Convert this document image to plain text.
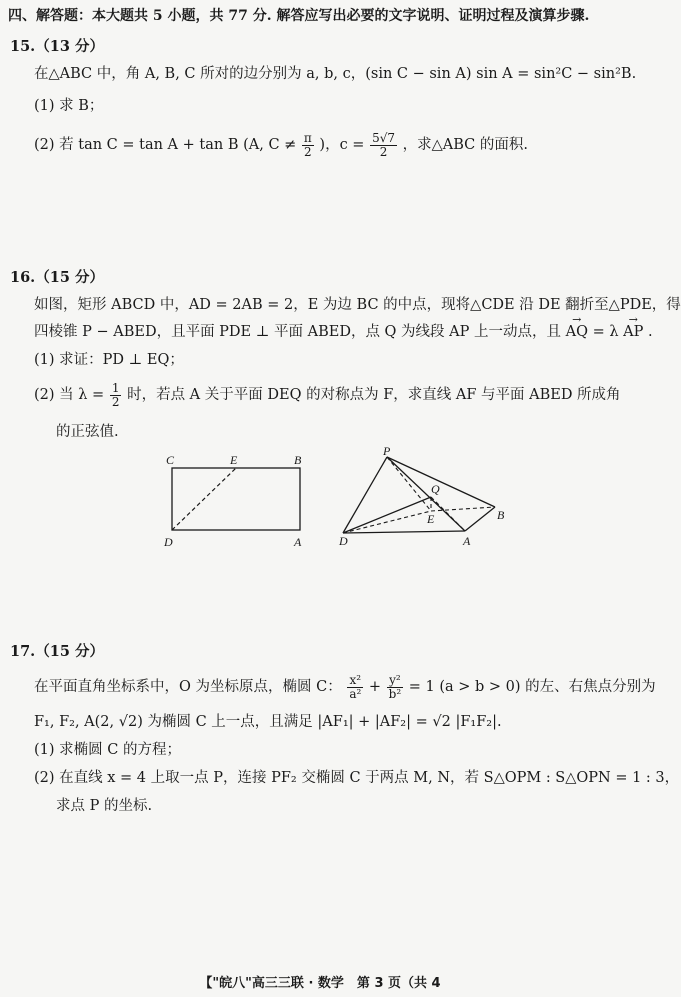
四、解答题：本大题共 5 小题，共 77 分. 解答应写出必要的文字说明、证明过程及演算步骤.
15.（13 分）
在△ABC 中，角 A, B, C 所对的边分别为 a, b, c，(sin C − sin A) sin A = sin²C − sin²B.
(1) 求 B；
(2) 若 tan C = tan A + tan B (A, $C \ne \frac{\pi}{2}$ )，$c = \frac{5√7}{2}$ ，求△ABC 的面积.
16.（15 分）
如图，矩形 ABCD 中，AD = 2AB = 2，E 为边 BC 的中点，现将△CDE 沿 DE 翻折至△PDE，得
四棱锥 P − ABED，且平面 PDE ⊥ 平面 ABED，点 Q 为线段 AP 上一动点，且 → AQ = λ → AP .
(1) 求证：PD ⊥ EQ；
(2) 当 $\lambda = \frac{1}{2}$ 时，若点 A 关于平面 DEQ 的对称点为 F，求直线 AF 与平面 ABED 所成角
的正弦值.
C	E	B
D	A
P
Q
E	B
D	A
17.（15 分）
在平面直角坐标系中，O 为坐标原点，椭圆 C： $\frac{\text{x²}}{\text{a²}} + \frac{\text{y²}}{\text{b²}} = 1$ (a > b > 0) 的左、右焦点分别为
F₁, F₂, A(2, √2) 为椭圆 C 上一点，且满足 |AF₁| + |AF₂| = √2 |F₁F₂|.
(1) 求椭圆 C 的方程；
(2) 在直线 x = 4 上取一点 P，连接 PF₂ 交椭圆 C 于两点 M, N，若 S△OPM : S△OPN = 1 : 3，
求点 P 的坐标.
【"皖八"高三三联 · 数学　第 3 页（共 4
